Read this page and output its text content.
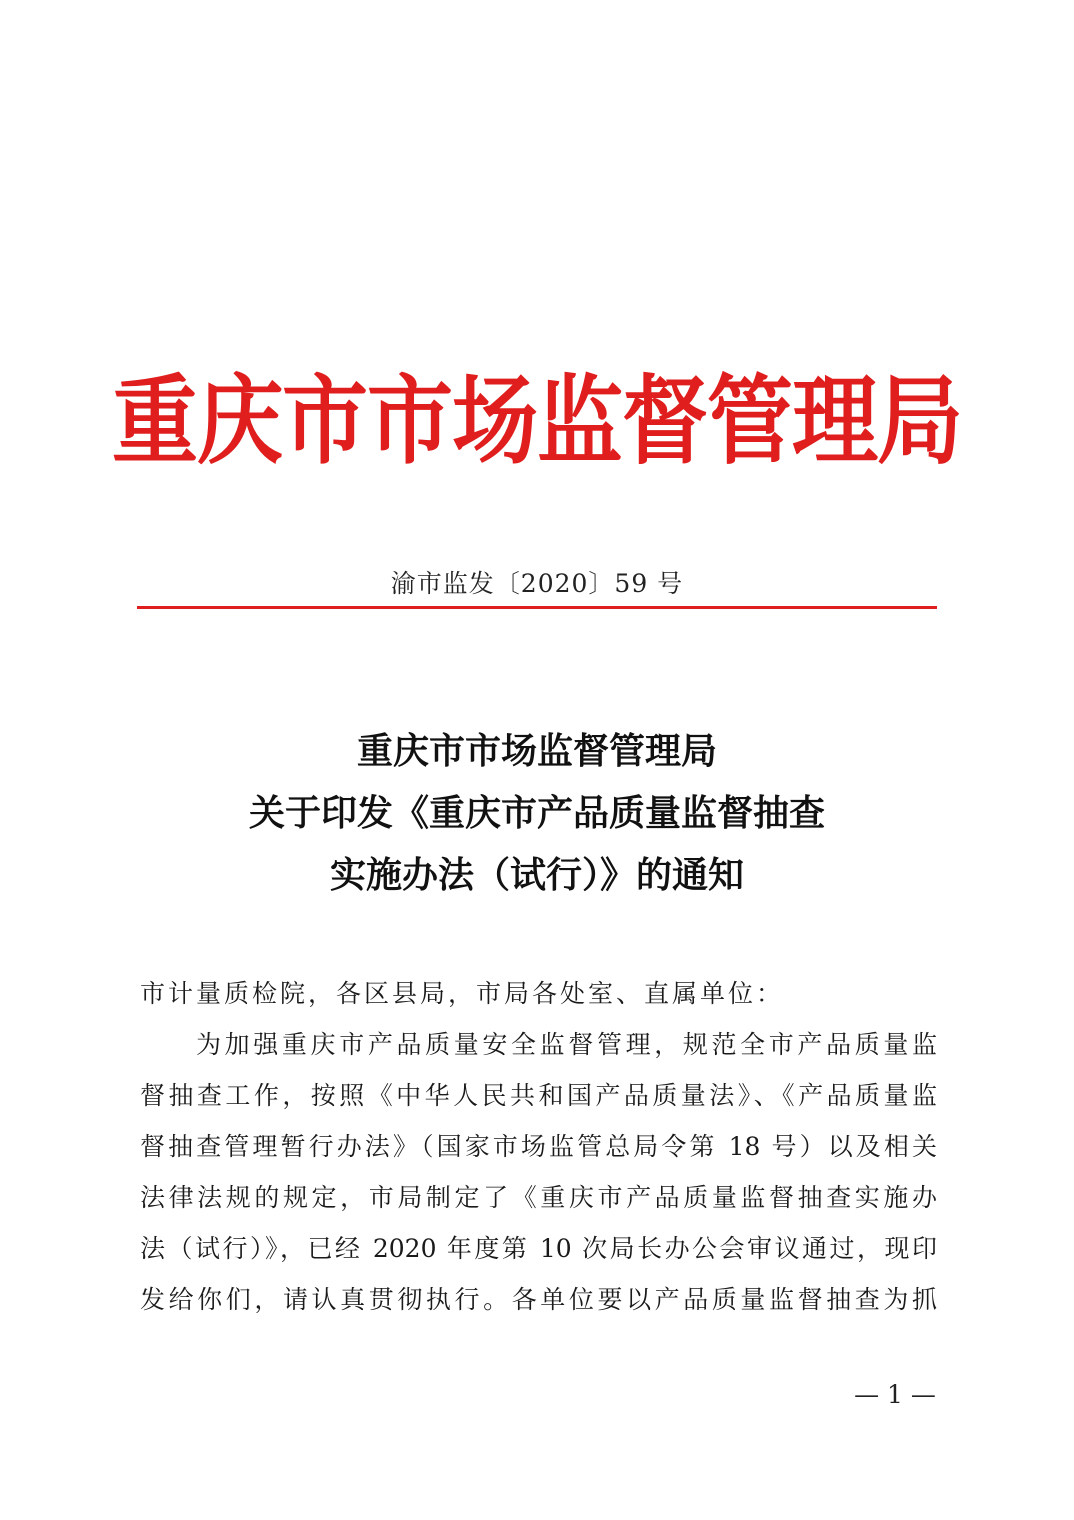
重庆市市场监督管理局
渝市监发〔2020〕59 号
重庆市市场监督管理局
关于印发《重庆市产品质量监督抽查
实施办法（试行）》的通知
市计量质检院，各区县局，市局各处室、直属单位：
为加强重庆市产品质量安全监督管理，规范全市产品质量监
督抽查工作，按照《中华人民共和国产品质量法》、《产品质量监
督抽查管理暂行办法》（国家市场监管总局令第 18 号）以及相关
法律法规的规定，市局制定了《重庆市产品质量监督抽查实施办
法（试行）》，已经 2020 年度第 10 次局长办公会审议通过，现印
发给你们，请认真贯彻执行。各单位要以产品质量监督抽查为抓
— 1 —
